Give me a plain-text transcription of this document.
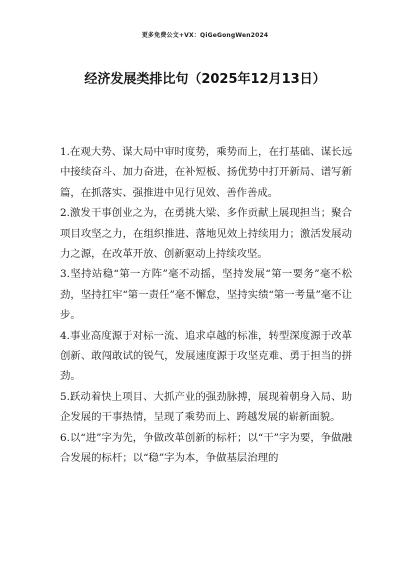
更多免费公文+VX：QiGeGongWen2024
经济发展类排比句（2025年12月13日）

1.在观大势、谋大局中审时度势，乘势而上，在打基础、谋长远中接续奋斗、加力奋进，在补短板、扬优势中打开新局、谱写新篇，在抓落实、强推进中见行见效、善作善成。

2.激发干事创业之为，在勇挑大梁、多作贡献上展现担当；聚合项目攻坚之力，在组织推进、落地见效上持续用力；激活发展动力之源，在改革开放、创新驱动上持续攻坚。

3.坚持站稳“第一方阵”毫不动摇，坚持发展“第一要务”毫不松劲，坚持扛牢“第一责任”毫不懈怠，坚持实绩“第一考量”毫不让步。

4.事业高度源于对标一流、追求卓越的标准，转型深度源于改革创新、敢闯敢试的锐气，发展速度源于攻坚克难、勇于担当的拼劲。

5.跃动着快上项目、大抓产业的强劲脉搏，展现着朝身入局、助企发展的干事热情，呈现了乘势而上、跨越发展的崭新面貌。

6.以“进”字为先，争做改革创新的标杆；以“干”字为要，争做融合发展的标杆；以“稳”字为本，争做基层治理的
